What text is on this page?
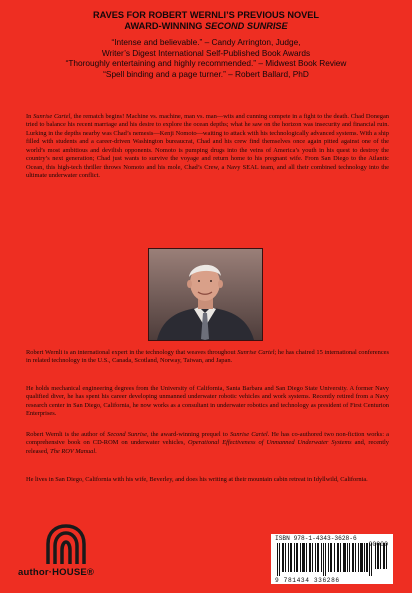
RAVES FOR ROBERT WERNLI’S PREVIOUS NOVEL
AWARD-WINNING SECOND SUNRISE
“Intense and believable.” – Candy Arrington, Judge,
Writer’s Digest International Self-Published Book Awards
“Thoroughly entertaining and highly recommended.” – Midwest Book Review
“Spell binding and a page turner.” – Robert Ballard, PhD
In Sunrise Cartel, the rematch begins! Machine vs. machine, man vs. man—wits and cunning compete in a fight to the death. Chad Donegan tried to balance his recent marriage and his desire to explore the ocean depths; what he saw on the horizon was insecurity and financial ruin. Lurking in the depths nearby was Chad’s nemesis—Kenji Nomoto—waiting to attack with his technologically advanced systems. With a ship filled with students and a career-driven Washington bureaucrat, Chad and his crew find themselves once again pitted against one of the world’s most ambitious and devilish opponents. Nomoto is pumping drugs into the veins of America’s youth in his quest to destroy the country’s next generation; Chad just wants to survive the voyage and return home to his pregnant wife. From San Diego to the Atlantic Ocean, this high-tech thriller throws Nomoto and his mole, Chad’s Crew, a Navy SEAL team, and all their combined technology into the ultimate underwater conflict.
Robert Wernli is an international expert in the technology that weaves throughout Sunrise Cartel; he has chaired 15 international conferences in related technology in the U.S., Canada, Scotland, Norway, Taiwan, and Japan.
He holds mechanical engineering degrees from the University of California, Santa Barbara and San Diego State University. A former Navy qualified diver, he has spent his career developing unmanned underwater robotic vehicles and work systems. Recently retired from a Navy research center in San Diego, California, he now works as a consultant in underwater robotics and technology as president of First Centurion Enterprises.
Robert Wernli is the author of Second Sunrise, the award-winning prequel to Sunrise Cartel. He has co-authored two non-fiction works: a comprehensive book on CD-ROM on underwater vehicles, Operational Effectiveness of Unmanned Underwater Systems and, recently released, The ROV Manual.
He lives in San Diego, California with his wife, Beverley, and does his writing at their mountain cabin retreat in Idyllwild, California.
author·HOUSE®
ISBN 978-1-4343-3628-6
9 781434 336286
